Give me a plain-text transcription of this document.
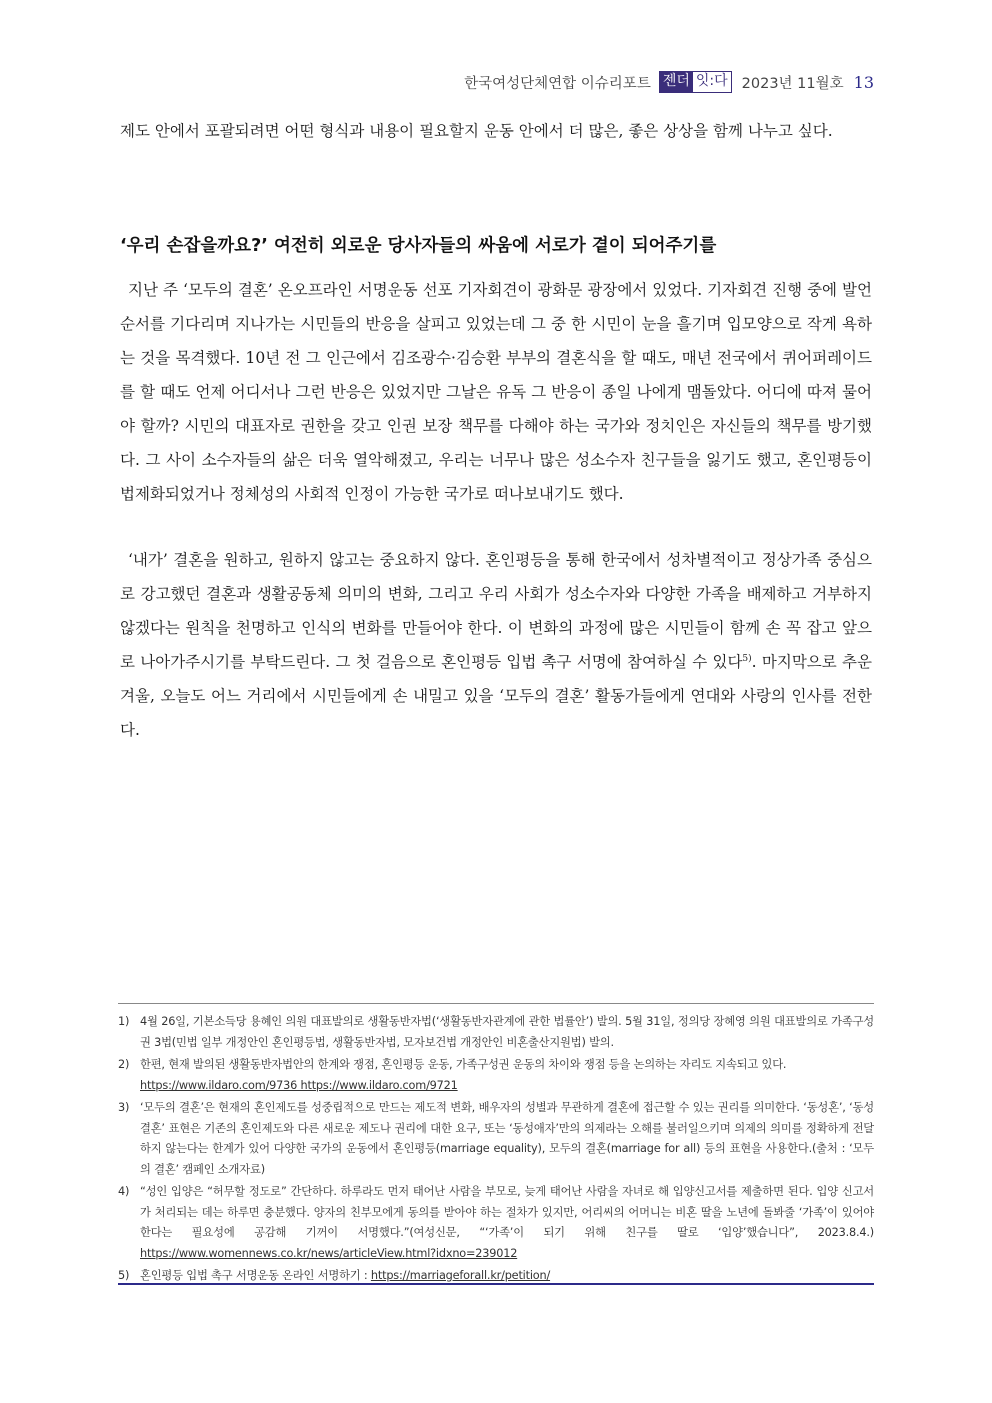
한국여성단체연합 이슈리포트 젠더 잇:다 2023년 11월호 13
제도 안에서 포괄되려면 어떤 형식과 내용이 필요할지 운동 안에서 더 많은, 좋은 상상을 함께 나누고 싶다.
‘우리 손잡을까요?’ 여전히 외로운 당사자들의 싸움에 서로가 곁이 되어주기를
지난 주 ‘모두의 결혼’ 온오프라인 서명운동 선포 기자회견이 광화문 광장에서 있었다. 기자회견 진행 중에 발언 순서를 기다리며 지나가는 시민들의 반응을 살피고 있었는데 그 중 한 시민이 눈을 흘기며 입모양으로 작게 욕하는 것을 목격했다. 10년 전 그 인근에서 김조광수·김승환 부부의 결혼식을 할 때도, 매년 전국에서 퀴어퍼레이드를 할 때도 언제 어디서나 그런 반응은 있었지만 그날은 유독 그 반응이 종일 나에게 맴돌았다. 어디에 따져 물어야 할까? 시민의 대표자로 권한을 갖고 인권 보장 책무를 다해야 하는 국가와 정치인은 자신들의 책무를 방기했다. 그 사이 소수자들의 삶은 더욱 열악해졌고, 우리는 너무나 많은 성소수자 친구들을 잃기도 했고, 혼인평등이 법제화되었거나 정체성의 사회적 인정이 가능한 국가로 떠나보내기도 했다.
‘내가’ 결혼을 원하고, 원하지 않고는 중요하지 않다. 혼인평등을 통해 한국에서 성차별적이고 정상가족 중심으로 강고했던 결혼과 생활공동체 의미의 변화, 그리고 우리 사회가 성소수자와 다양한 가족을 배제하고 거부하지 않겠다는 원칙을 천명하고 인식의 변화를 만들어야 한다. 이 변화의 과정에 많은 시민들이 함께 손 꼭 잡고 앞으로 나아가주시기를 부탁드린다. 그 첫 걸음으로 혼인평등 입법 촉구 서명에 참여하실 수 있다$^{5)}$. 마지막으로 추운 겨울, 오늘도 어느 거리에서 시민들에게 손 내밀고 있을 ‘모두의 결혼’ 활동가들에게 연대와 사랑의 인사를 전한다.
1) 4월 26일, 기본소득당 용혜인 의원 대표발의로 생활동반자법(‘생활동반자관계에 관한 법률안’) 발의. 5월 31일, 정의당 장혜영 의원 대표발의로 가족구성권 3법(민법 일부 개정안인 혼인평등법, 생활동반자법, 모자보건법 개정안인 비혼출산지원법) 발의.
2) 한편, 현재 발의된 생활동반자법안의 한계와 쟁점, 혼인평등 운동, 가족구성권 운동의 차이와 쟁점 등을 논의하는 자리도 지속되고 있다.
https://www.ildaro.com/9736 https://www.ildaro.com/9721
3) ‘모두의 결혼’은 현재의 혼인제도를 성중립적으로 만드는 제도적 변화, 배우자의 성별과 무관하게 결혼에 접근할 수 있는 권리를 의미한다. ‘동성혼’, ‘동성결혼’ 표현은 기존의 혼인제도와 다른 새로운 제도나 권리에 대한 요구, 또는 ‘동성애자’만의 의제라는 오해를 불러일으키며 의제의 의미를 정확하게 전달하지 않는다는 한계가 있어 다양한 국가의 운동에서 혼인평등(marriage equality), 모두의 결혼(marriage for all) 등의 표현을 사용한다.(출처 : ‘모두의 결혼’ 캠페인 소개자료)
4) “성인 입양은 “허무할 정도로” 간단하다. 하루라도 먼저 태어난 사람을 부모로, 늦게 태어난 사람을 자녀로 해 입양신고서를 제출하면 된다. 입양 신고서가 처리되는 데는 하루면 충분했다. 양자의 친부모에게 동의를 받아야 하는 절차가 있지만, 어리씨의 어머니는 비혼 딸을 노년에 돌봐줄 ‘가족’이 있어야 한다는 필요성에 공감해 기꺼이 서명했다.”(여성신문, “‘가족’이 되기 위해 친구를 딸로 ‘입양’했습니다”, 2023.8.4.) https://www.womennews.co.kr/news/articleView.html?idxno=239012
5) 혼인평등 입법 촉구 서명운동 온라인 서명하기 : https://marriageforall.kr/petition/
